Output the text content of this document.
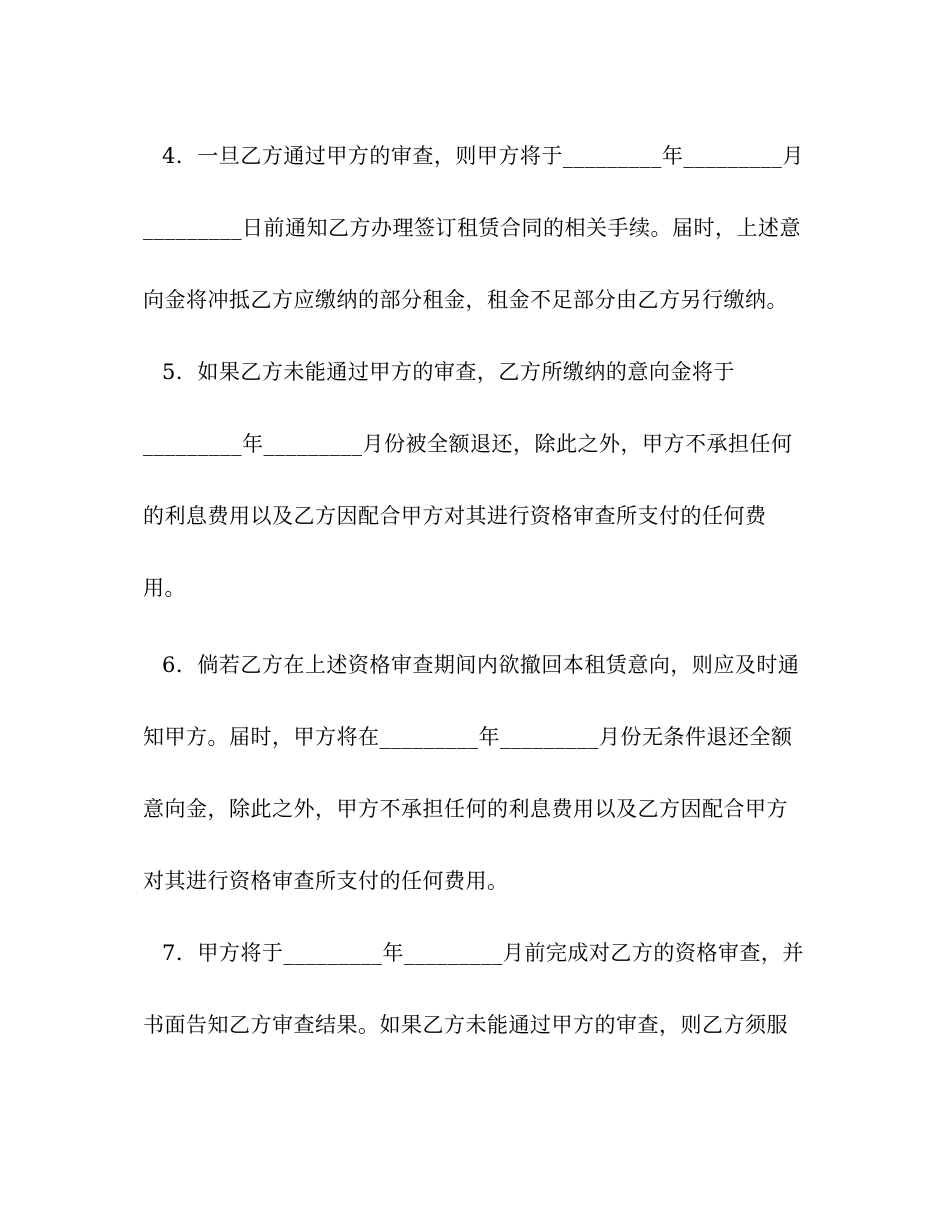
4．一旦乙方通过甲方的审查，则甲方将于_________年_________月
_________日前通知乙方办理签订租赁合同的相关手续。届时，上述意
向金将冲抵乙方应缴纳的部分租金，租金不足部分由乙方另行缴纳。
5．如果乙方未能通过甲方的审查，乙方所缴纳的意向金将于
_________年_________月份被全额退还，除此之外，甲方不承担任何
的利息费用以及乙方因配合甲方对其进行资格审查所支付的任何费
用。
6．倘若乙方在上述资格审查期间内欲撤回本租赁意向，则应及时通
知甲方。届时，甲方将在_________年_________月份无条件退还全额
意向金，除此之外，甲方不承担任何的利息费用以及乙方因配合甲方
对其进行资格审查所支付的任何费用。
7．甲方将于_________年_________月前完成对乙方的资格审查，并
书面告知乙方审查结果。如果乙方未能通过甲方的审查，则乙方须服
